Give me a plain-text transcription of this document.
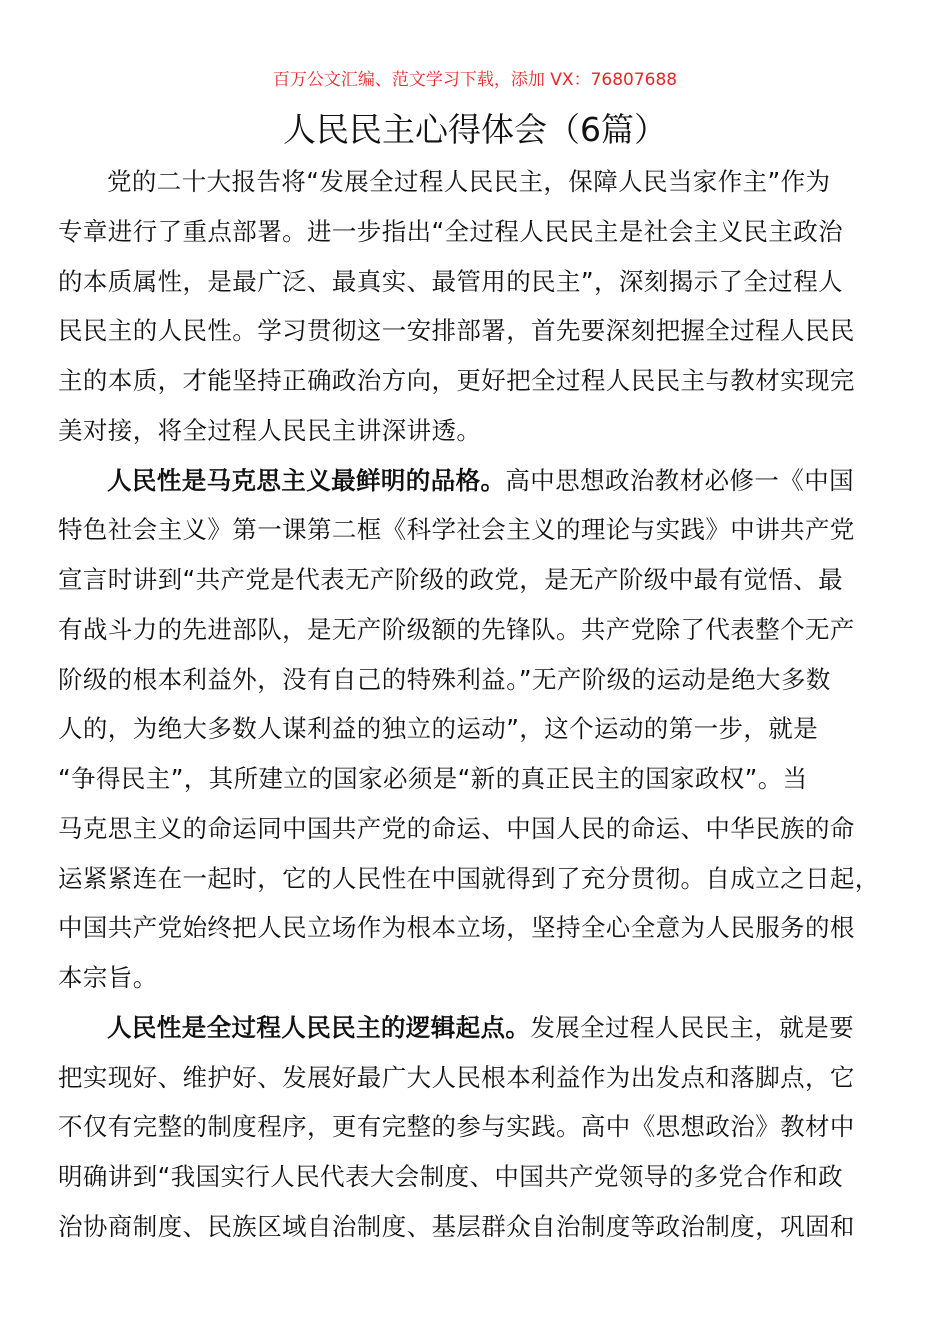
百万公文汇编、范文学习下载，添加 VX：76807688
人民民主心得体会（6篇）
党的二十大报告将“发展全过程人民民主，保障人民当家作主”作为
专章进行了重点部署。进一步指出“全过程人民民主是社会主义民主政治
的本质属性，是最广泛、最真实、最管用的民主”，深刻揭示了全过程人
民民主的人民性。学习贯彻这一安排部署，首先要深刻把握全过程人民民
主的本质，才能坚持正确政治方向，更好把全过程人民民主与教材实现完
美对接，将全过程人民民主讲深讲透。
人民性是马克思主义最鲜明的品格。高中思想政治教材必修一《中国
特色社会主义》第一课第二框《科学社会主义的理论与实践》中讲共产党
宣言时讲到“共产党是代表无产阶级的政党，是无产阶级中最有觉悟、最
有战斗力的先进部队，是无产阶级额的先锋队。共产党除了代表整个无产
阶级的根本利益外，没有自己的特殊利益。”无产阶级的运动是绝大多数
人的，为绝大多数人谋利益的独立的运动”，这个运动的第一步，就是
“争得民主”，其所建立的国家必须是“新的真正民主的国家政权”。当
马克思主义的命运同中国共产党的命运、中国人民的命运、中华民族的命
运紧紧连在一起时，它的人民性在中国就得到了充分贯彻。自成立之日起，
中国共产党始终把人民立场作为根本立场，坚持全心全意为人民服务的根
本宗旨。
人民性是全过程人民民主的逻辑起点。发展全过程人民民主，就是要
把实现好、维护好、发展好最广大人民根本利益作为出发点和落脚点，它
不仅有完整的制度程序，更有完整的参与实践。高中《思想政治》教材中
明确讲到“我国实行人民代表大会制度、中国共产党领导的多党合作和政
治协商制度、民族区域自治制度、基层群众自治制度等政治制度，巩固和
